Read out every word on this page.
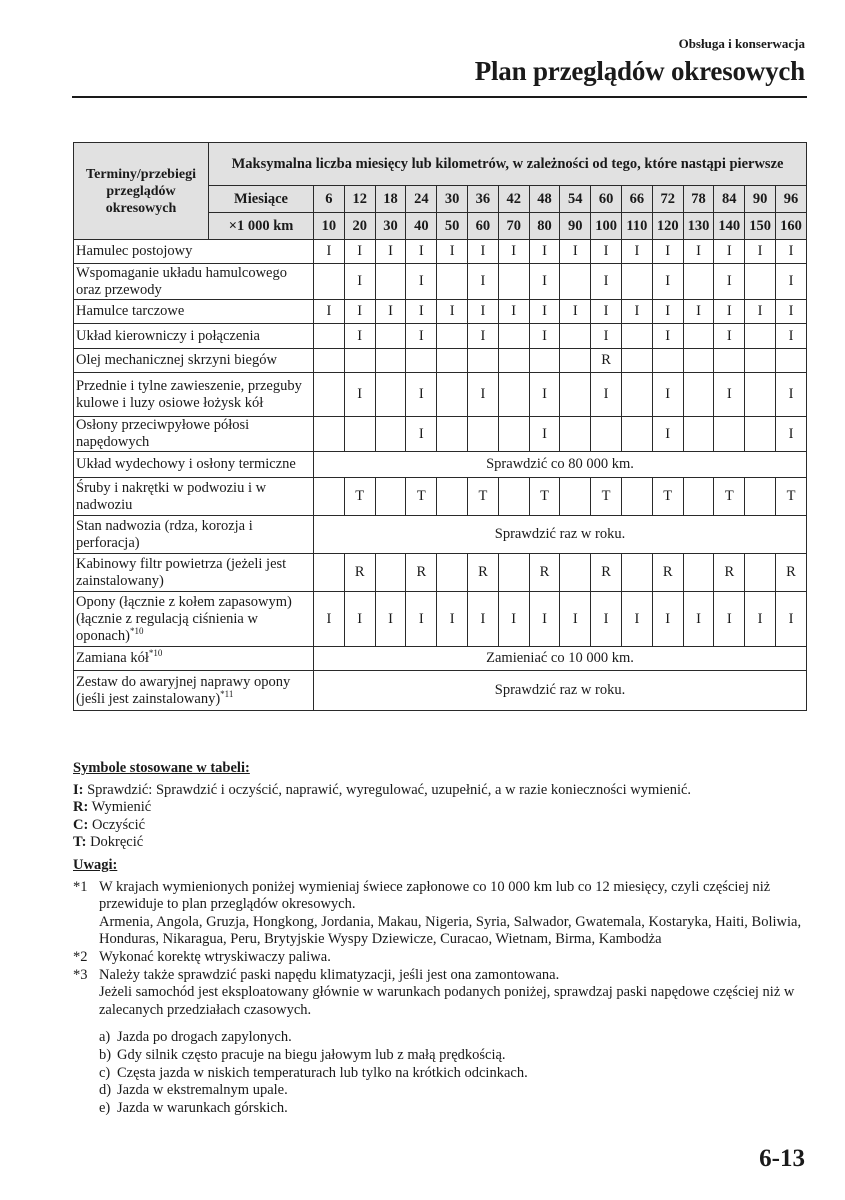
Obsługa i konserwacja
Plan przeglądów okresowych
Terminy/przebiegi przeglądów okresowych	Maksymalna liczba miesięcy lub kilometrów, w zależności od tego, które nastąpi pierwsze																
	Miesiące	6	12	18	24	30	36	42	48	54	60	66	72	78	84	90	96
	×1 000 km	10	20	30	40	50	60	70	80	90	100	110	120	130	140	150	160
Hamulec postojowy		I	I	I	I	I	I	I	I	I	I	I	I	I	I	I	I
Wspomaganie układu hamulcowego oraz przewody			I		I		I		I		I		I		I		I
Hamulce tarczowe		I	I	I	I	I	I	I	I	I	I	I	I	I	I	I	I
Układ kierowniczy i połączenia			I		I		I		I		I		I		I		I
Olej mechanicznej skrzyni biegów											R						
Przednie i tylne zawieszenie, przeguby kulowe i luzy osiowe łożysk kół			I		I		I		I		I		I		I		I
Osłony przeciwpyłowe półosi napędowych					I				I				I				I
Układ wydechowy i osłony termiczne		Sprawdzić co 80 000 km.															
Śruby i nakrętki w podwoziu i w nadwoziu			T		T		T		T		T		T		T		T
Stan nadwozia (rdza, korozja i perforacja)		Sprawdzić raz w roku.															
Kabinowy filtr powietrza (jeżeli jest zainstalowany)			R		R		R		R		R		R		R		R
Opony (łącznie z kołem zapasowym) (łącznie z regulacją ciśnienia w oponach)$^{*10}$		I	I	I	I	I	I	I	I	I	I	I	I	I	I	I	I
Zamiana kół$^{*10}$		Zamieniać co 10 000 km.															
Zestaw do awaryjnej naprawy opony (jeśli jest zainstalowany)$^{*11}$		Sprawdzić raz w roku.															
Symbole stosowane w tabeli:
I: Sprawdzić: Sprawdzić i oczyścić, naprawić, wyregulować, uzupełnić, a w razie konieczności wymienić.
R: Wymienić
C: Oczyścić
T: Dokręcić
Uwagi:
*1 W krajach wymienionych poniżej wymieniaj świece zapłonowe co 10 000 km lub co 12 miesięcy, czyli częściej niż przewiduje to plan przeglądów okresowych.
Armenia, Angola, Gruzja, Hongkong, Jordania, Makau, Nigeria, Syria, Salwador, Gwatemala, Kostaryka, Haiti, Boliwia, Honduras, Nikaragua, Peru, Brytyjskie Wyspy Dziewicze, Curacao, Wietnam, Birma, Kambodża
*2 Wykonać korektę wtryskiwaczy paliwa.
*3 Należy także sprawdzić paski napędu klimatyzacji, jeśli jest ona zamontowana.
Jeżeli samochód jest eksploatowany głównie w warunkach podanych poniżej, sprawdzaj paski napędowe częściej niż w zalecanych przedziałach czasowych.
a) Jazda po drogach zapylonych.
b) Gdy silnik często pracuje na biegu jałowym lub z małą prędkością.
c) Częsta jazda w niskich temperaturach lub tylko na krótkich odcinkach.
d) Jazda w ekstremalnym upale.
e) Jazda w warunkach górskich.
6-13
